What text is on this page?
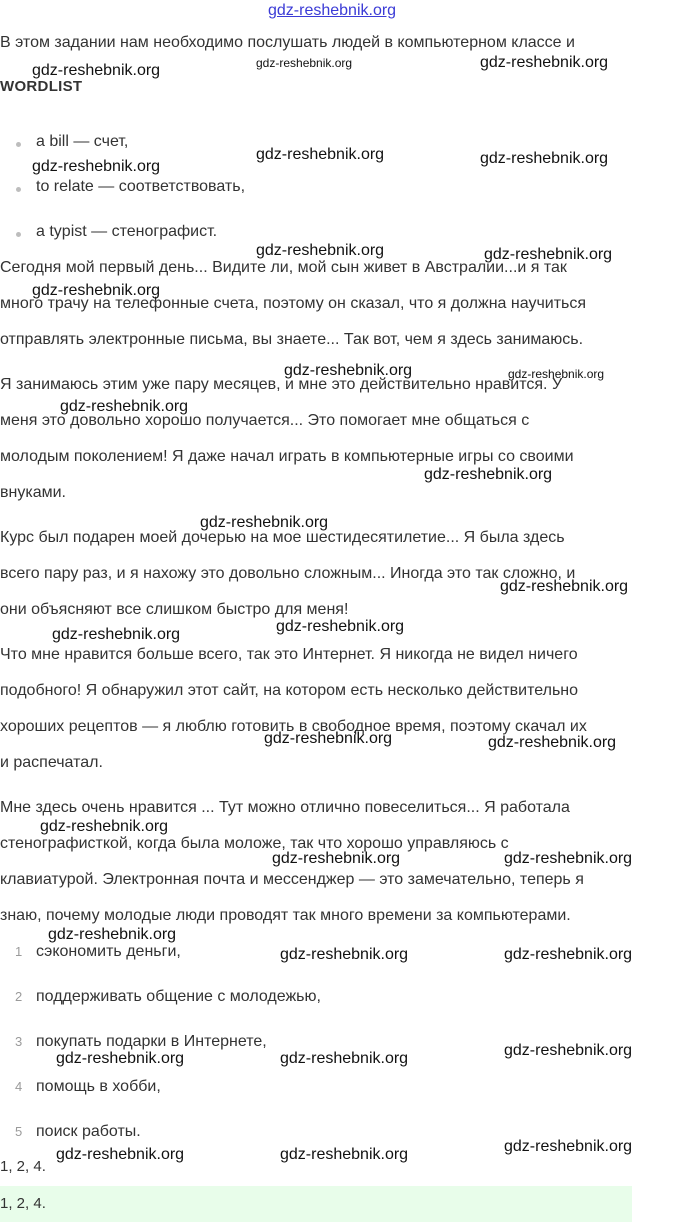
gdz-reshebnik.org
В этом задании нам необходимо послушать людей в компьютерном классе и
WORDLIST
a bill — счет,
to relate — соответствовать,
a typist — стенографист.
Сегодня мой первый день... Видите ли, мой сын живет в Австралии...и я так
много трачу на телефонные счета, поэтому он сказал, что я должна научиться
отправлять электронные письма, вы знаете... Так вот, чем я здесь занимаюсь.
Я занимаюсь этим уже пару месяцев, и мне это действительно нравится. У
меня это довольно хорошо получается... Это помогает мне общаться с
молодым поколением! Я даже начал играть в компьютерные игры со своими
внуками.
Курс был подарен моей дочерью на мое шестидесятилетие... Я была здесь
всего пару раз, и я нахожу это довольно сложным... Иногда это так сложно, и
они объясняют все слишком быстро для меня!
Что мне нравится больше всего, так это Интернет. Я никогда не видел ничего
подобного! Я обнаружил этот сайт, на котором есть несколько действительно
хороших рецептов — я люблю готовить в свободное время, поэтому скачал их
и распечатал.
Мне здесь очень нравится ... Тут можно отлично повеселиться... Я работала
стенографисткой, когда была моложе, так что хорошо управляюсь с
клавиатурой. Электронная почта и мессенджер — это замечательно, теперь я
знаю, почему молодые люди проводят так много времени за компьютерами.
1 сэкономить деньги,
2 поддерживать общение с молодежью,
3 покупать подарки в Интернете,
4 помощь в хобби,
5 поиск работы.
1, 2, 4.
1, 2, 4.
gdz-reshebnik.org	gdz-reshebnik.org	gdz-reshebnik.org
gdz-reshebnik.org
gdz-reshebnik.org	gdz-reshebnik.org
gdz-reshebnik.org	gdz-reshebnik.org
gdz-reshebnik.org
gdz-reshebnik.org	gdz-reshebnik.org
gdz-reshebnik.org
gdz-reshebnik.org
gdz-reshebnik.org
gdz-reshebnik.org
gdz-reshebnik.org
gdz-reshebnik.org
gdz-reshebnik.org	gdz-reshebnik.org
gdz-reshebnik.org
gdz-reshebnik.org	gdz-reshebnik.org
gdz-reshebnik.org
gdz-reshebnik.org	gdz-reshebnik.org
gdz-reshebnik.org	gdz-reshebnik.org	gdz-reshebnik.org
gdz-reshebnik.org	gdz-reshebnik.org	gdz-reshebnik.org
